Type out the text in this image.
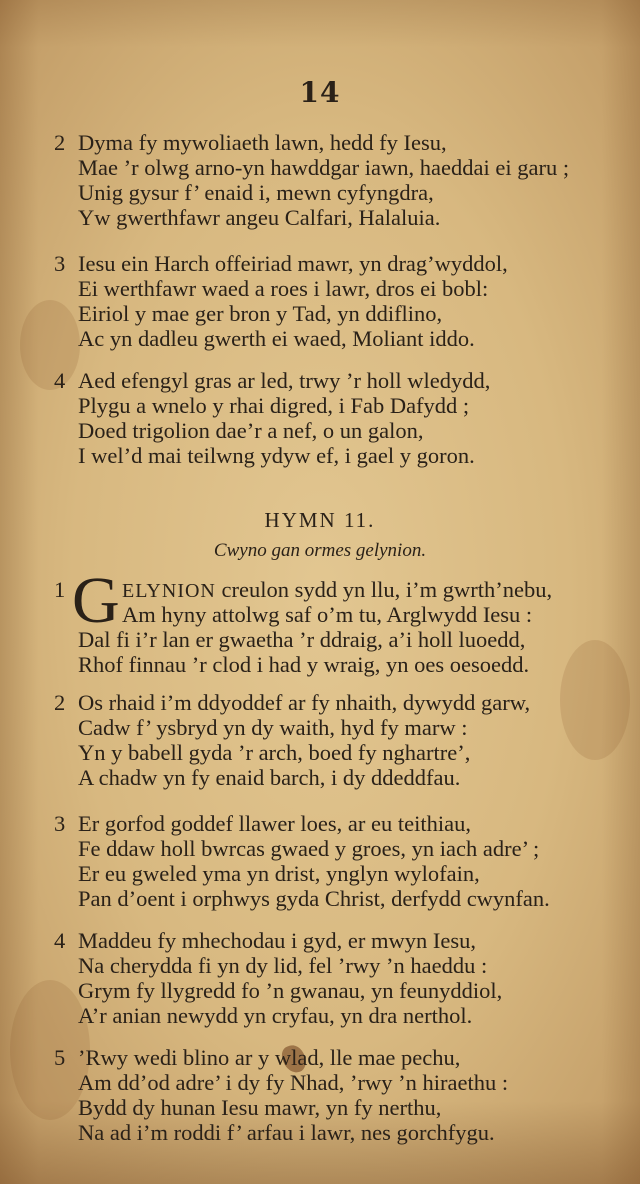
14
2 Dyma fy mywoliaeth lawn, hedd fy Iesu,
Mae ’r olwg arno-yn hawddgar iawn, haeddai ei garu ;
Unig gysur f’ enaid i, mewn cyfyngdra,
Yw gwerthfawr angeu Calfari, Halaluia.
3 Iesu ein Harch offeiriad mawr, yn drag’wyddol,
Ei werthfawr waed a roes i lawr, dros ei bobl:
Eiriol y mae ger bron y Tad, yn ddiflino,
Ac yn dadleu gwerth ei waed, Moliant iddo.
4 Aed efengyl gras ar led, trwy ’r holl wledydd,
Plygu a wnelo y rhai digred, i Fab Dafydd ;
Doed trigolion dae’r a nef, o un galon,
I wel’d mai teilwng ydyw ef, i gael y goron.
HYMN 11.
Cwyno gan ormes gelynion.
1 G ELYNION creulon sydd yn llu, i’m gwrth’nebu,
Am hyny attolwg saf o’m tu, Arglwydd Iesu :
Dal fi i’r lan er gwaetha ’r ddraig, a’i holl luoedd,
Rhof finnau ’r clod i had y wraig, yn oes oesoedd.
2 Os rhaid i’m ddyoddef ar fy nhaith, dywydd garw,
Cadw f’ ysbryd yn dy waith, hyd fy marw :
Yn y babell gyda ’r arch, boed fy nghartre’,
A chadw yn fy enaid barch, i dy ddeddfau.
3 Er gorfod goddef llawer loes, ar eu teithiau,
Fe ddaw holl bwrcas gwaed y groes, yn iach adre’ ;
Er eu gweled yma yn drist, ynglyn wylofain,
Pan d’oent i orphwys gyda Christ, derfydd cwynfan.
4 Maddeu fy mhechodau i gyd, er mwyn Iesu,
Na cherydda fi yn dy lid, fel ’rwy ’n haeddu :
Grym fy llygredd fo ’n gwanau, yn feunyddiol,
A’r anian newydd yn cryfau, yn dra nerthol.
5 ’Rwy wedi blino ar y wlad, lle mae pechu,
Am dd’od adre’ i dy fy Nhad, ’rwy ’n hiraethu :
Bydd dy hunan Iesu mawr, yn fy nerthu,
Na ad i’m roddi f’ arfau i lawr, nes gorchfygu.
